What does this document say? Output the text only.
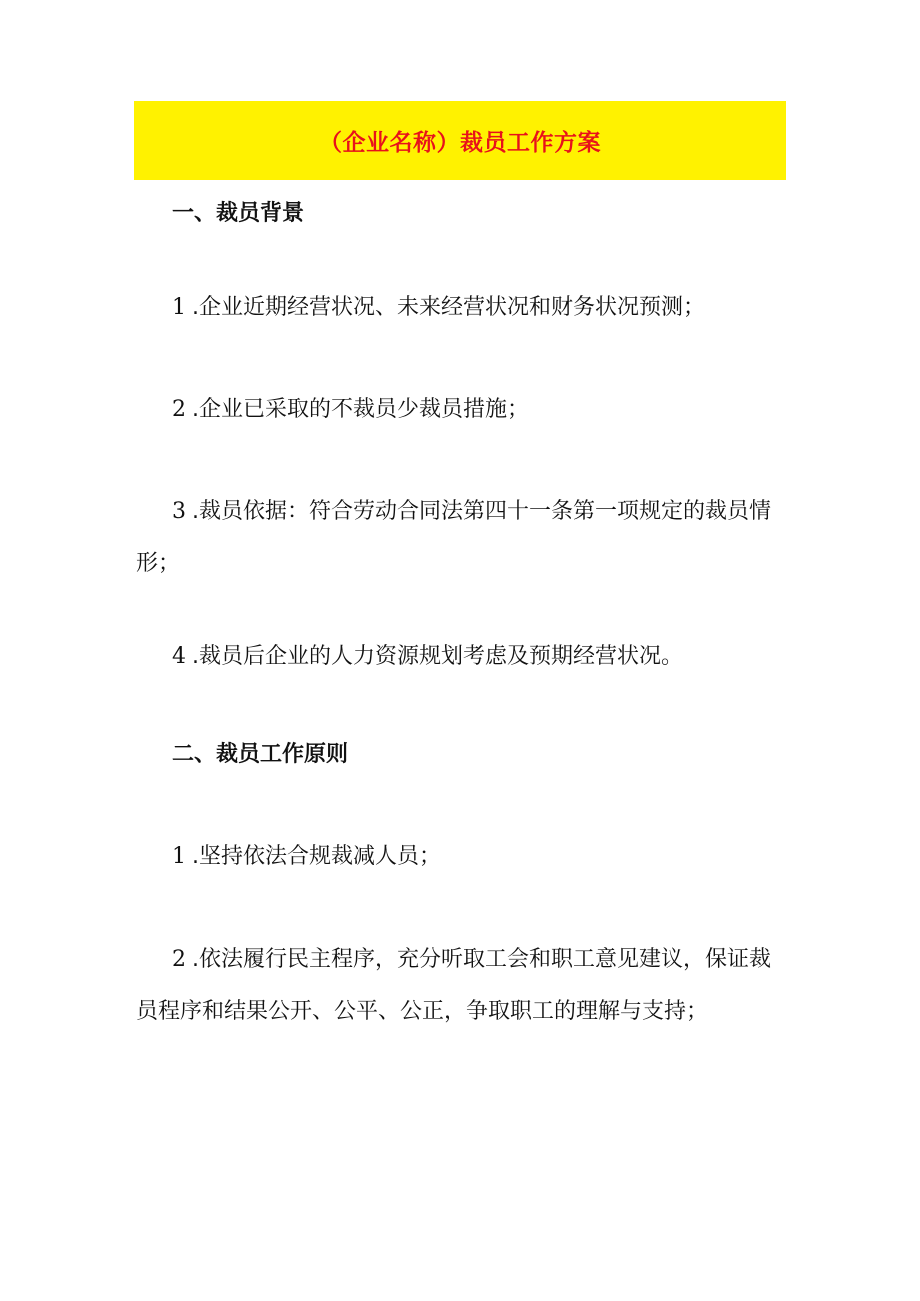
（企业名称）裁员工作方案
一、裁员背景
1 .企业近期经营状况、未来经营状况和财务状况预测；
2 .企业已采取的不裁员少裁员措施；
3 .裁员依据：符合劳动合同法第四十一条第一项规定的裁员情形；
4 .裁员后企业的人力资源规划考虑及预期经营状况。
二、裁员工作原则
1 .坚持依法合规裁减人员；
2 .依法履行民主程序，充分听取工会和职工意见建议，保证裁员程序和结果公开、公平、公正，争取职工的理解与支持；
